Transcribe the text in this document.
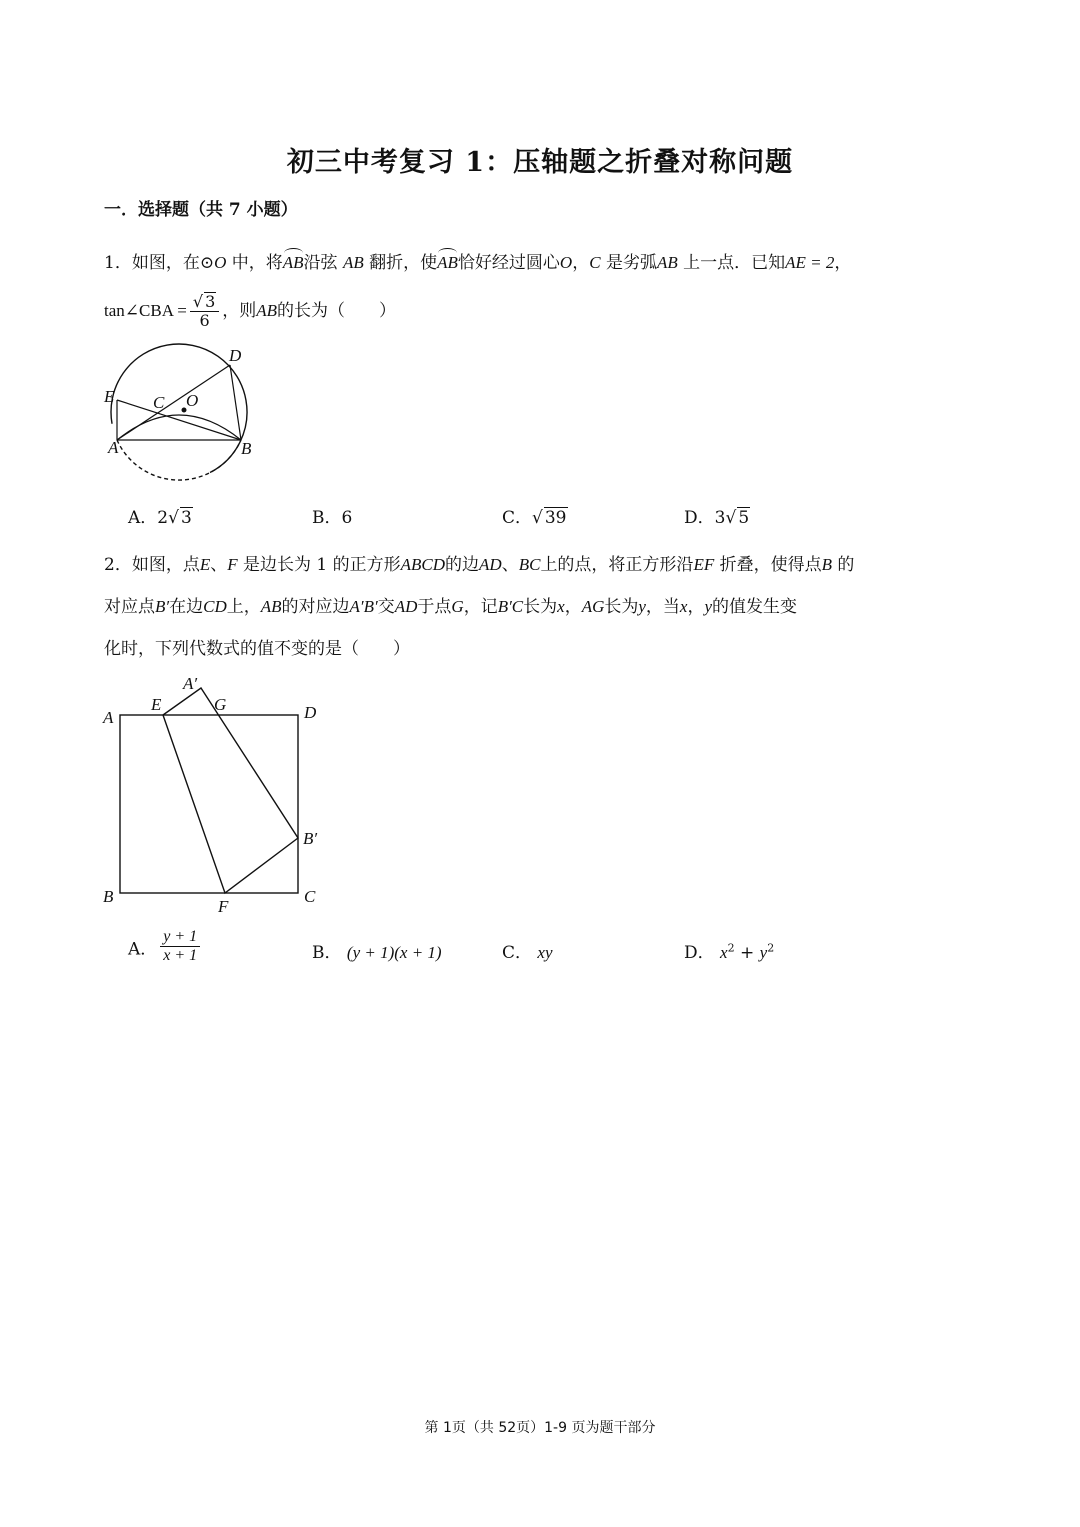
初三中考复习 1：压轴题之折叠对称问题
一．选择题（共 7 小题）
1．如图，在⊙O 中，将AB沿弦 AB 翻折，使AB恰好经过圆心O，C 是劣弧AB 上一点．已知AE = 2，
tan∠CBA = $\frac{√ 3}{6}$ ，则AB的长为（　　）
D
E C O
A	B
A．2√ 3	B．6	C．√ 39	D．3√ 5
2．如图，点E、F 是边长为 1 的正方形ABCD的边AD、BC上的点，将正方形沿EF 折叠，使得点B 的
对应点B′在边CD上，AB的对应边A′B′交AD于点G，记B′C长为x，AG长为y，当x，y的值发生变
化时，下列代数式的值不变的是（　　）
A′
E	G
A	D
B′
B
F
C
A． $\frac{y + 1}{x + 1}$	B． (y + 1)(x + 1)	C． xy	D． $x^2 + y^2$
第 1页（共 52页）1-9 页为题干部分
